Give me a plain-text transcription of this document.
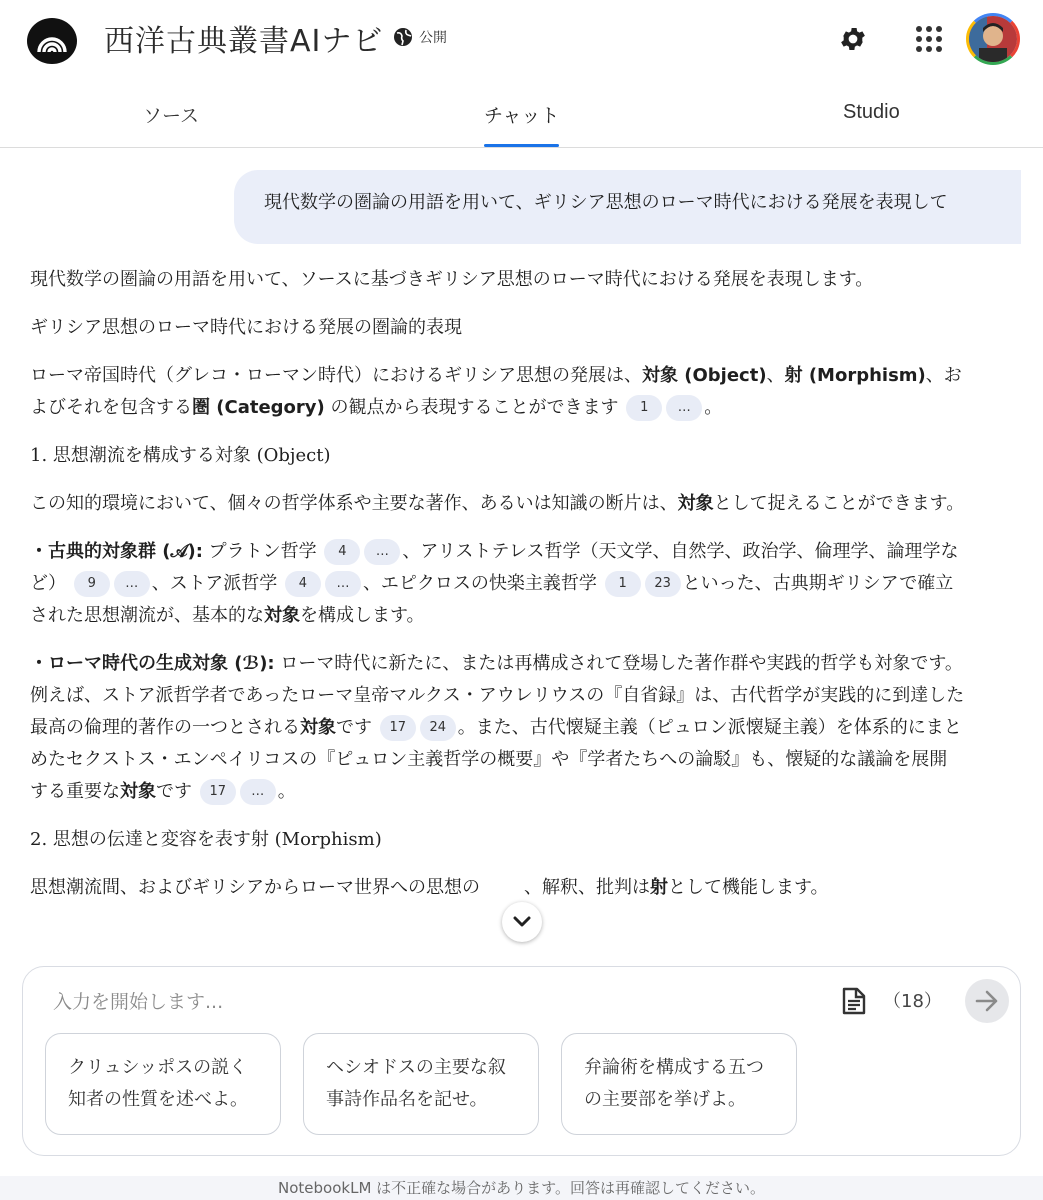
西洋古典叢書AIナビ	公開
ソース	チャット	Studio
現代数学の圏論の用語を用いて、ギリシア思想のローマ時代における発展を表現して

現代数学の圏論の用語を用いて、ソースに基づきギリシア思想のローマ時代における発展を表現します。

ギリシア思想のローマ時代における発展の圏論的表現

ローマ帝国時代（グレコ・ローマン時代）におけるギリシア思想の発展は、対象 (Object)、射 (Morphism)、およびそれを包含する圏 (Category) の観点から表現することができます 1 … 。

1. 思想潮流を構成する対象 (Object)

この知的環境において、個々の哲学体系や主要な著作、あるいは知識の断片は、対象として捉えることができます。

・古典的対象群 (𝒜): プラトン哲学 4 … 、アリストテレス哲学（天文学、自然学、政治学、倫理学、論理学など） 9 … 、ストア派哲学 4 … 、エピクロスの快楽主義哲学 1 23 といった、古典期ギリシアで確立された思想潮流が、基本的な対象を構成します。

・ローマ時代の生成対象 (ℬ): ローマ時代に新たに、または再構成されて登場した著作群や実践的哲学も対象です。例えば、ストア派哲学者であったローマ皇帝マルクス・アウレリウスの『自省録』は、古代哲学が実践的に到達した最高の倫理的著作の一つとされる対象です 17 24 。また、古代懐疑主義（ピュロン派懐疑主義）を体系的にまとめたセクストス・エンペイリコスの『ピュロン主義哲学の概要』や『学者たちへの論駁』も、懐疑的な議論を展開する重要な対象です 17 … 。

2. 思想の伝達と変容を表す射 (Morphism)

思想潮流間、およびギリシアからローマ世界への思想の 、解釈、批判は射として機能します。

入力を開始します...
（18）
クリュシッポスの説く知者の性質を述べよ。
ヘシオドスの主要な叙事詩作品名を記せ。
弁論術を構成する五つの主要部を挙げよ。
NotebookLM は不正確な場合があります。回答は再確認してください。
